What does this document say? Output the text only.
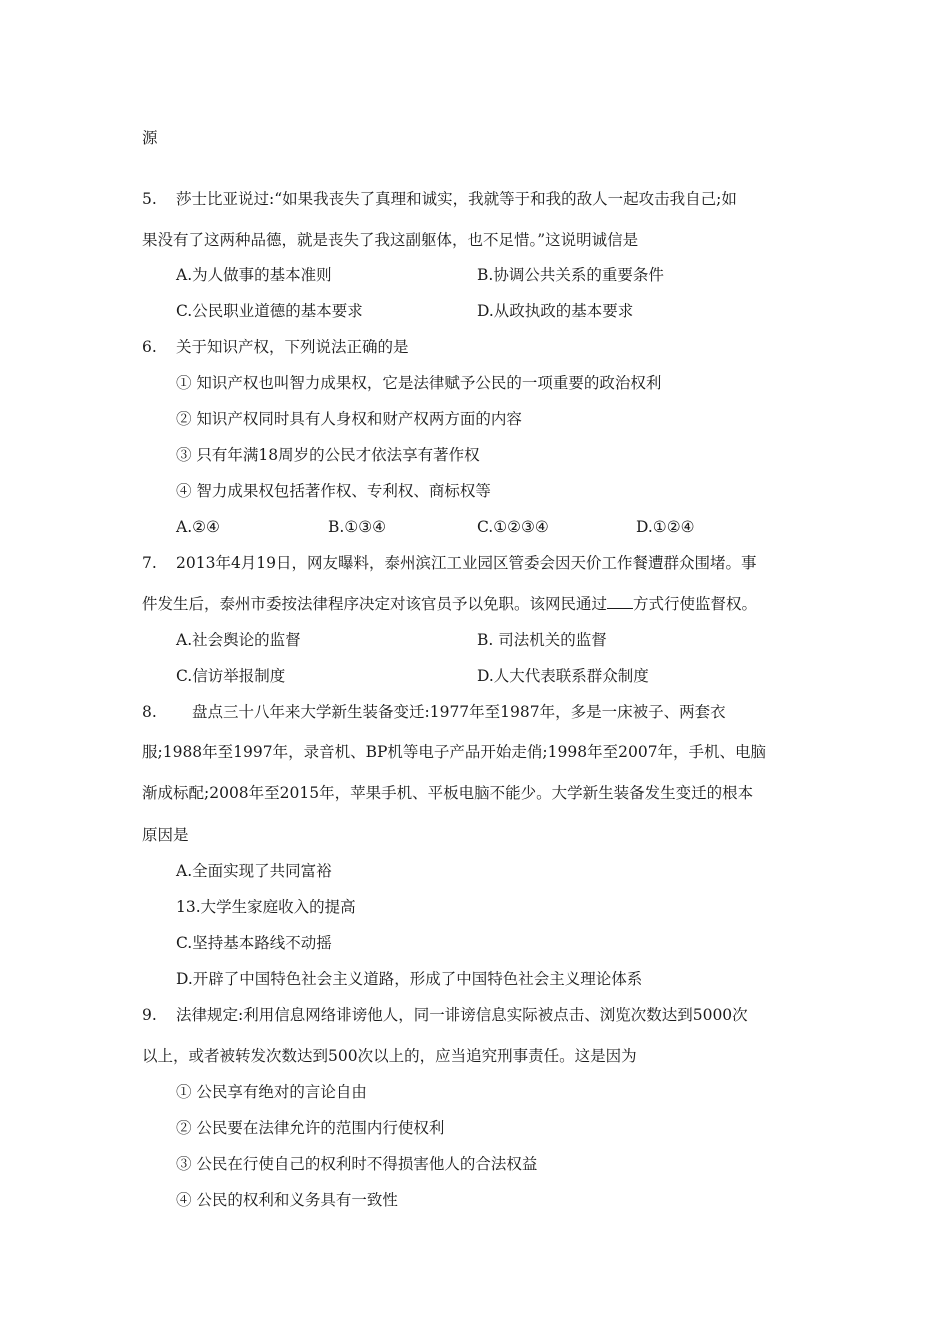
源
5. 莎士比亚说过:“如果我丧失了真理和诚实，我就等于和我的敌人一起攻击我自己;如
果没有了这两种品德，就是丧失了我这副躯体，也不足惜。”这说明诚信是
A.为人做事的基本准则	B.协调公共关系的重要条件
C.公民职业道德的基本要求	D.从政执政的基本要求
6. 关于知识产权，下列说法正确的是
① 知识产权也叫智力成果权，它是法律赋予公民的一项重要的政治权利
② 知识产权同时具有人身权和财产权两方面的内容
③ 只有年满18周岁的公民才依法享有著作权
④ 智力成果权包括著作权、专利权、商标权等
A.②④	B.①③④	C.①②③④	D.①②④
7. 2013年4月19日，网友曝料，泰州滨江工业园区管委会因天价工作餐遭群众围堵。事
件发生后，泰州市委按法律程序决定对该官员予以免职。该网民通过 方式行使监督权。
A.社会舆论的监督	B. 司法机关的监督
C.信访举报制度	D.人大代表联系群众制度
8. 盘点三十八年来大学新生装备变迁:1977年至1987年，多是一床被子、两套衣
服;1988年至1997年，录音机、BP机等电子产品开始走俏;1998年至2007年，手机、电脑
渐成标配;2008年至2015年，苹果手机、平板电脑不能少。大学新生装备发生变迁的根本
原因是
A.全面实现了共同富裕
13.大学生家庭收入的提高
C.坚持基本路线不动摇
D.开辟了中国特色社会主义道路，形成了中国特色社会主义理论体系
9. 法律规定:利用信息网络诽谤他人，同一诽谤信息实际被点击、浏览次数达到5000次
以上，或者被转发次数达到500次以上的，应当追究刑事责任。这是因为
① 公民享有绝对的言论自由
② 公民要在法律允许的范围内行使权利
③ 公民在行使自己的权利时不得损害他人的合法权益
④ 公民的权利和义务具有一致性
